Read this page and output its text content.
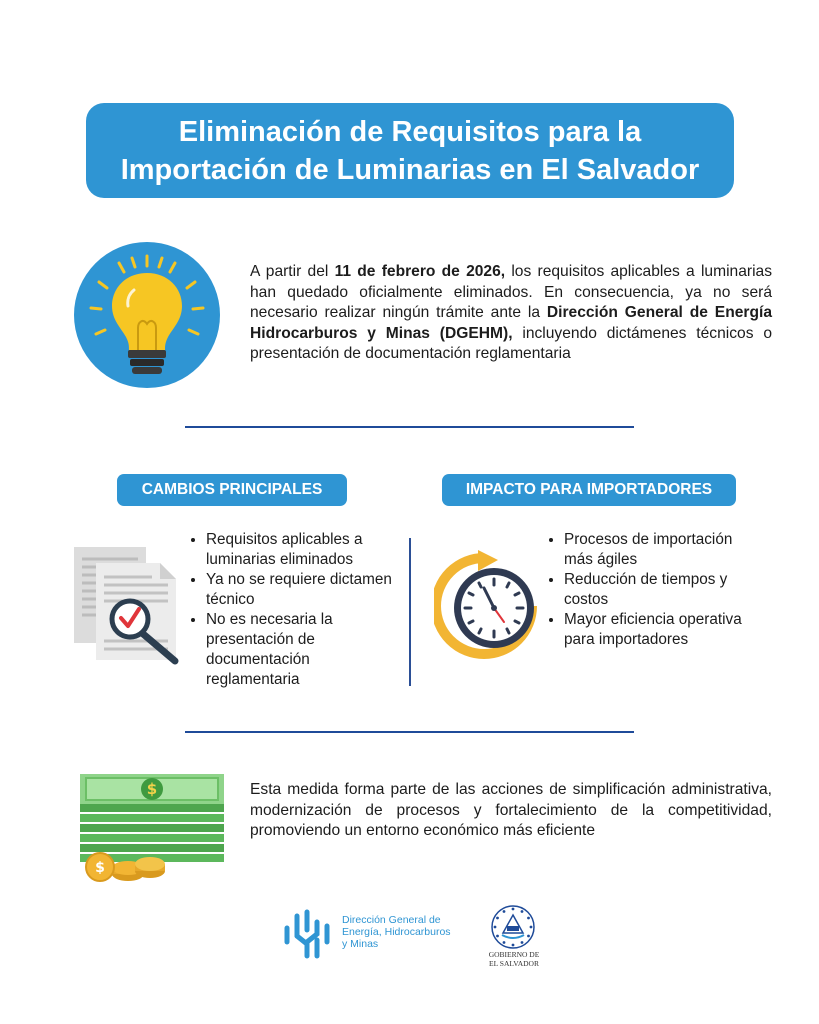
Eliminación de Requisitos para la
Importación de Luminarias en El Salvador
A partir del 11 de febrero de 2026, los requisitos aplicables a luminarias han quedado oficialmente eliminados. En consecuencia, ya no será necesario realizar ningún trámite ante la Dirección General de Energía Hidrocarburos y Minas (DGEHM), incluyendo dictámenes técnicos o presentación de documentación reglamentaria
CAMBIOS PRINCIPALES	IMPACTO PARA IMPORTADORES
• Requisitos aplicables a luminarias eliminados
• Ya no se requiere dictamen técnico
• No es necesaria la presentación de documentación reglamentaria
• Procesos de importación más ágiles
• Reducción de tiempos y costos
• Mayor eficiencia operativa para importadores
$
$
Esta medida forma parte de las acciones de simplificación administrativa, modernización de procesos y fortalecimiento de la competitividad, promoviendo un entorno económico más eficiente
Dirección General de
Energía, Hidrocarburos
y Minas
GOBIERNO DE
EL SALVADOR
